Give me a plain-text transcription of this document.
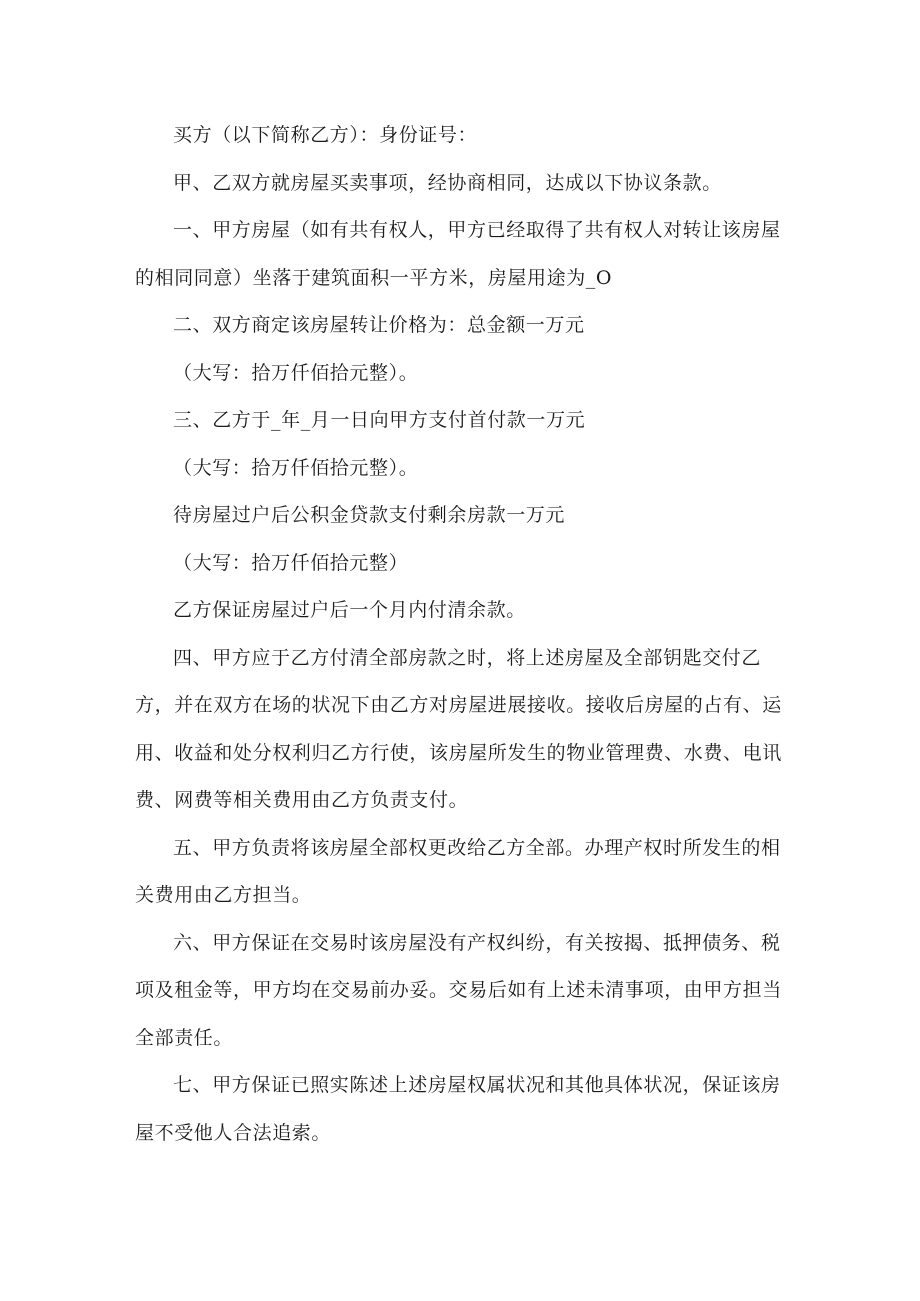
买方（以下简称乙方）：身份证号：

甲、乙双方就房屋买卖事项，经协商相同，达成以下协议条款。

一、甲方房屋（如有共有权人，甲方已经取得了共有权人对转让该房屋的相同同意）坐落于建筑面积一平方米，房屋用途为_O

二、双方商定该房屋转让价格为：总金额一万元

（大写：拾万仟佰拾元整）。

三、乙方于_年_月一日向甲方支付首付款一万元

（大写：拾万仟佰拾元整）。

待房屋过户后公积金贷款支付剩余房款一万元

（大写：拾万仟佰拾元整）

乙方保证房屋过户后一个月内付清余款。

四、甲方应于乙方付清全部房款之时，将上述房屋及全部钥匙交付乙方，并在双方在场的状况下由乙方对房屋进展接收。接收后房屋的占有、运用、收益和处分权利归乙方行使，该房屋所发生的物业管理费、水费、电讯费、网费等相关费用由乙方负责支付。

五、甲方负责将该房屋全部权更改给乙方全部。办理产权时所发生的相关费用由乙方担当。

六、甲方保证在交易时该房屋没有产权纠纷，有关按揭、抵押债务、税项及租金等，甲方均在交易前办妥。交易后如有上述未清事项，由甲方担当全部责任。

七、甲方保证已照实陈述上述房屋权属状况和其他具体状况，保证该房屋不受他人合法追索。
